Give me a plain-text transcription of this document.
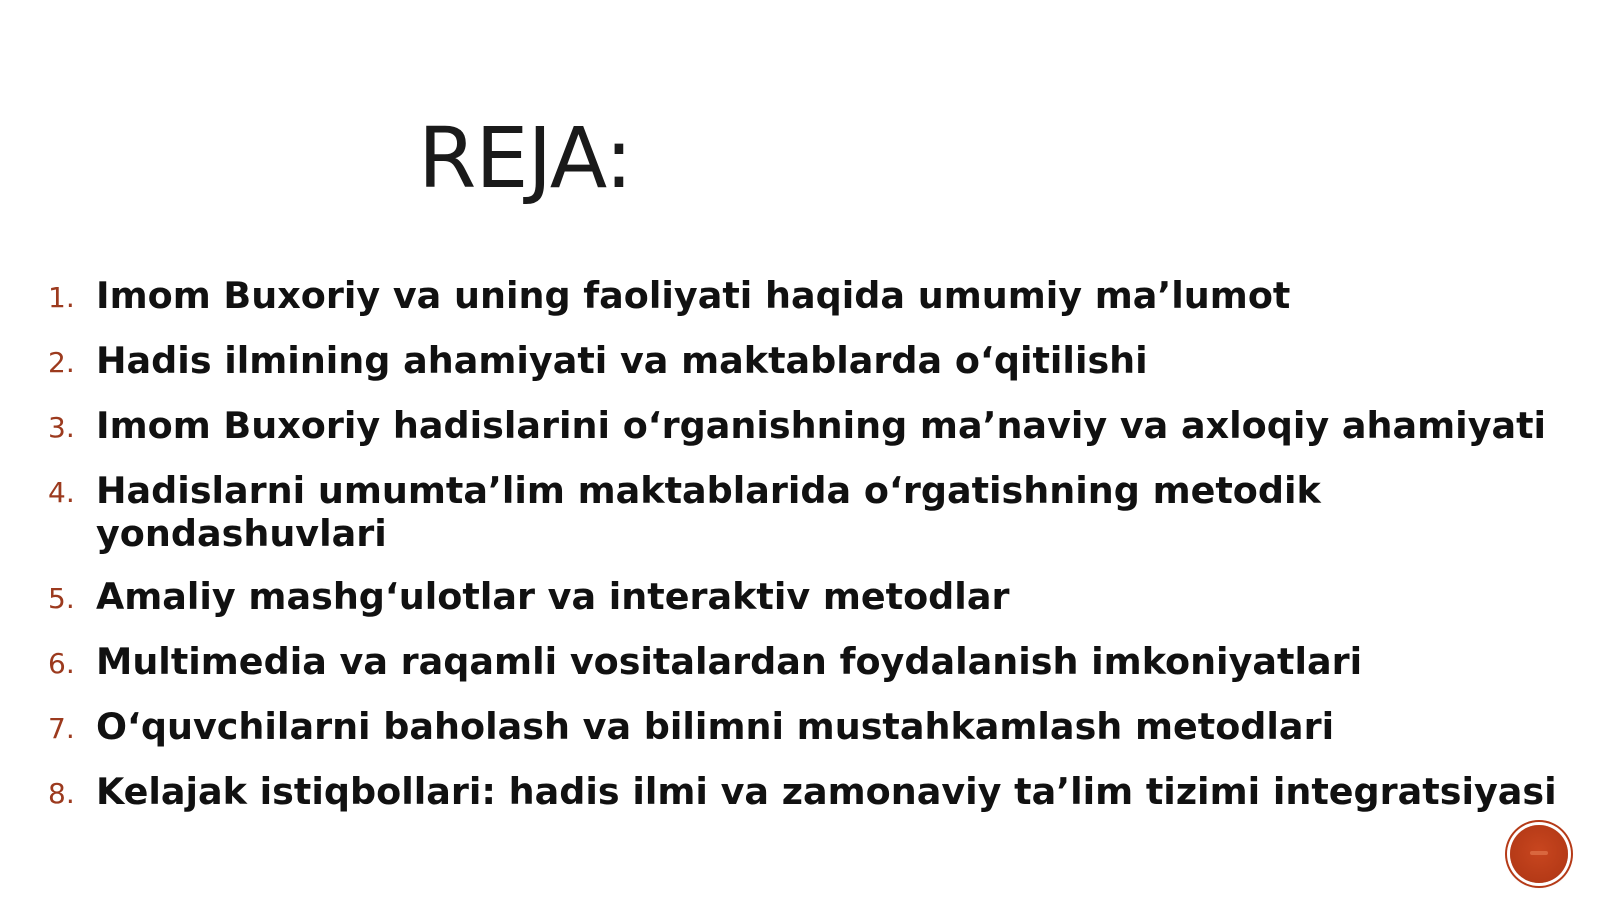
REJA:
1. Imom Buxoriy va uning faoliyati haqida umumiy ma’lumot
2. Hadis ilmining ahamiyati va maktablarda o‘qitilishi
3. Imom Buxoriy hadislarini o‘rganishning ma’naviy va axloqiy ahamiyati
4. Hadislarni umumta’lim maktablarida o‘rgatishning metodik yondashuvlari
5. Amaliy mashg‘ulotlar va interaktiv metodlar
6. Multimedia va raqamli vositalardan foydalanish imkoniyatlari
7. O‘quvchilarni baholash va bilimni mustahkamlash metodlari
8. Kelajak istiqbollari: hadis ilmi va zamonaviy ta’lim tizimi integratsiyasi
